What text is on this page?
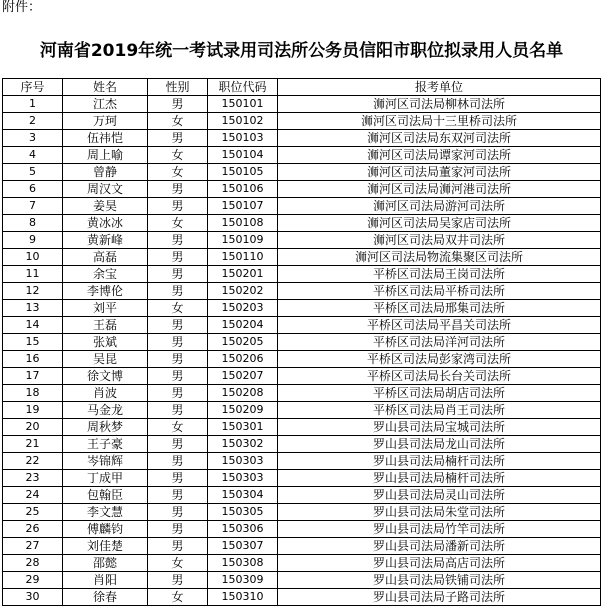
附件：
河南省2019年统一考试录用司法所公务员信阳市职位拟录用人员名单
序号	姓名	性别	职位代码	报考单位
1	江杰	男	150101	浉河区司法局柳林司法所
2	万珂	女	150102	浉河区司法局十三里桥司法所
3	伍祎恺	男	150103	浉河区司法局东双河司法所
4	周上喻	女	150104	浉河区司法局谭家河司法所
5	曾静	女	150105	浉河区司法局董家河司法所
6	周汉文	男	150106	浉河区司法局浉河港司法所
7	姜昊	男	150107	浉河区司法局游河司法所
8	黄冰冰	女	150108	浉河区司法局吴家店司法所
9	黄新峰	男	150109	浉河区司法局双井司法所
10	高磊	男	150110	浉河区司法局物流集聚区司法所
11	余宝	男	150201	平桥区司法局王岗司法所
12	李博伦	男	150202	平桥区司法局平桥司法所
13	刘平	女	150203	平桥区司法局邢集司法所
14	王磊	男	150204	平桥区司法局平昌关司法所
15	张斌	男	150205	平桥区司法局洋河司法所
16	吴昆	男	150206	平桥区司法局彭家湾司法所
17	徐文博	男	150207	平桥区司法局长台关司法所
18	肖波	男	150208	平桥区司法局胡店司法所
19	马金龙	男	150209	平桥区司法局肖王司法所
20	周秋梦	女	150301	罗山县司法局宝城司法所
21	王子豪	男	150302	罗山县司法局龙山司法所
22	岑锦辉	男	150303	罗山县司法局楠杆司法所
23	丁成甲	男	150303	罗山县司法局楠杆司法所
24	包翰臣	男	150304	罗山县司法局灵山司法所
25	李文慧	男	150305	罗山县司法局朱堂司法所
26	傅麟钧	男	150306	罗山县司法局竹竿司法所
27	刘佳楚	男	150307	罗山县司法局潘新司法所
28	邵懿	女	150308	罗山县司法局高店司法所
29	肖阳	男	150309	罗山县司法局铁铺司法所
30	徐春	女	150310	罗山县司法局子路司法所
